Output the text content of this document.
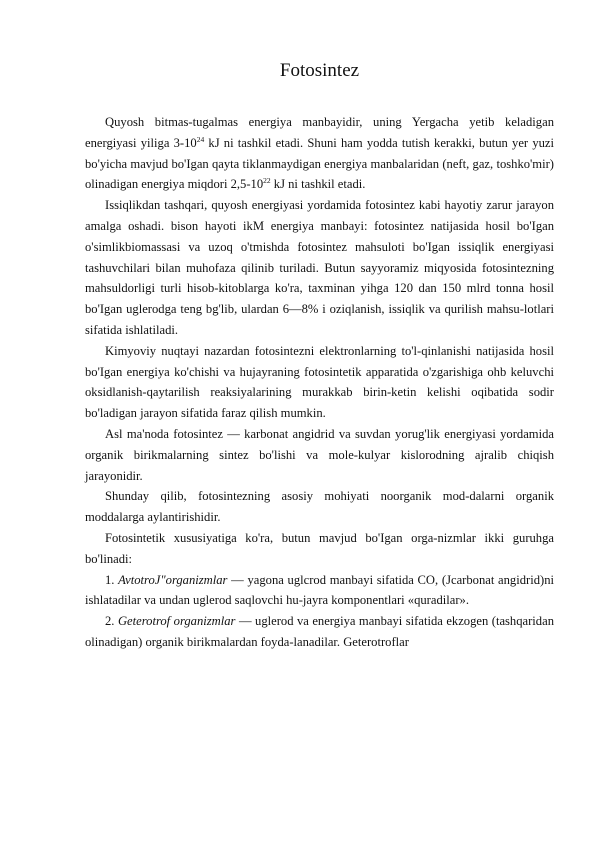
Fotosintez

Quyosh bitmas-tugalmas energiya manbayidir, uning Yergacha yetib keladigan energiyasi yiliga $3-10^{24}$ kJ ni tashkil etadi. Shuni ham yodda tutish kerakki, butun yer yuzi bo'yicha mavjud bo'Igan qayta tiklanmaydigan energiya manbalaridan (neft, gaz, toshko'mir) olinadigan energiya miqdori $2,5-10^{22}$ kJ ni tashkil etadi.

Issiqlikdan tashqari, quyosh energiyasi yordamida fotosintez kabi hayotiy zarur jarayon amalga oshadi. bison hayoti ikM energiya manbayi: fotosintez natijasida hosil bo'Igan o'simlikbiomassasi va uzoq o'tmishda fotosintez mahsuloti bo'Igan issiqlik energiyasi tashuvchilari bilan muhofaza qilinib turiladi. Butun sayyoramiz miqyosida fotosintezning mahsuldorligi turli hisob-kitoblarga ko'ra, taxminan yihga 120 dan 150 mlrd tonna hosil bo'Igan uglerodga teng bg'lib, ulardan 6—8% i oziqlanish, issiqlik va qurilish mahsu-lotlari sifatida ishlatiladi.

Kimyoviy nuqtayi nazardan fotosintezni elektronlarning to'l-qinlanishi natijasida hosil bo'Igan energiya ko'chishi va hujayraning fotosintetik apparatida o'zgarishiga ohb keluvchi oksidlanish-qaytarilish reaksiyalarining murakkab birin-ketin kelishi oqibatida sodir bo'ladigan jarayon sifatida faraz qilish mumkin.

Asl ma'noda fotosintez — karbonat angidrid va suvdan yorug'lik energiyasi yordamida organik birikmalarning sintez bo'lishi va mole-kulyar kislorodning ajralib chiqish jarayonidir.

Shunday qilib, fotosintezning asosiy mohiyati noorganik mod-dalarni organik moddalarga aylantirishidir.

Fotosintetik xususiyatiga ko'ra, butun mavjud bo'Igan orga-nizmlar ikki guruhga bo'linadi:

1. AvtotroJ"organizmlar — yagona uglcrod manbayi sifatida CO, (Jcarbonat angidrid)ni ishlatadilar va undan uglerod saqlovchi hu-jayra komponentlari «quradilar».

2. Geterotrof organizmlar — uglerod va energiya manbayi sifatida ekzogen (tashqaridan olinadigan) organik birikmalardan foyda-lanadilar. Geterotroflar
